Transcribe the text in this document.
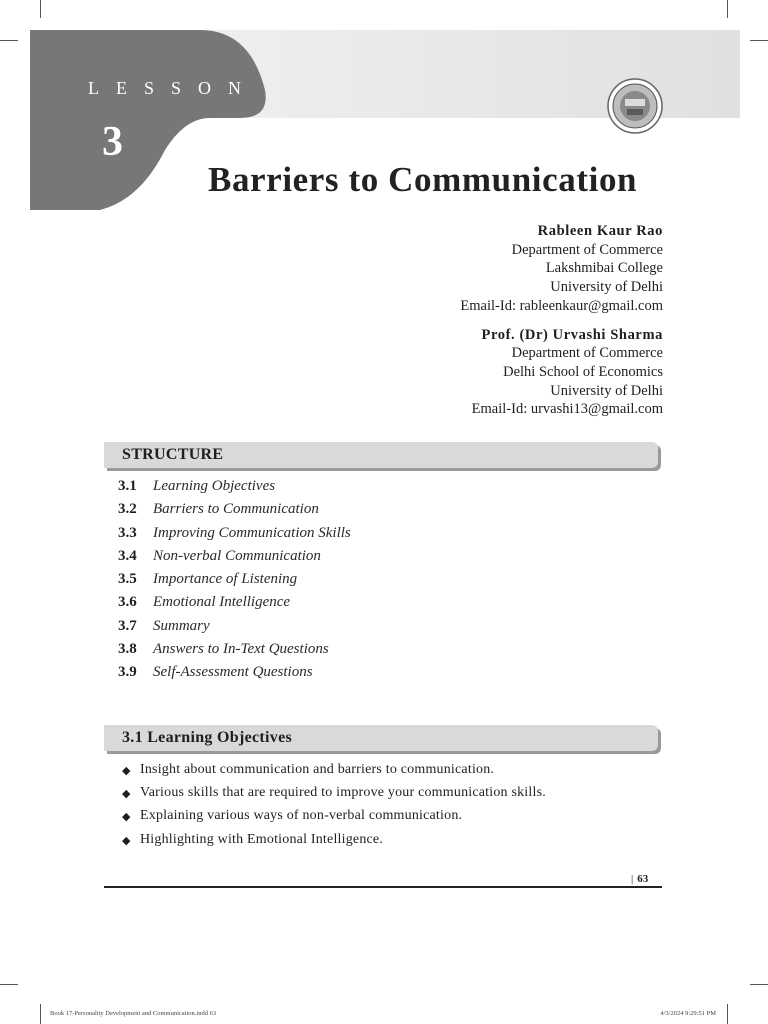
LESSON
3
Barriers to Communication
Rableen Kaur Rao
Department of Commerce
Lakshmibai College
University of Delhi
Email-Id: rableenkaur@gmail.com
Prof. (Dr) Urvashi Sharma
Department of Commerce
Delhi School of Economics
University of Delhi
Email-Id: urvashi13@gmail.com
STRUCTURE
3.1	Learning Objectives
3.2	Barriers to Communication
3.3	Improving Communication Skills
3.4	Non-verbal Communication
3.5	Importance of Listening
3.6	Emotional Intelligence
3.7	Summary
3.8	Answers to In-Text Questions
3.9	Self-Assessment Questions
3.1 Learning Objectives
◆ Insight about communication and barriers to communication.
◆ Various skills that are required to improve your communication skills.
◆ Explaining various ways of non-verbal communication.
◆ Highlighting with Emotional Intelligence.
| 63
Book 17-Personality Development and Communication.indd 63	4/3/2024 9:29:51 PM
